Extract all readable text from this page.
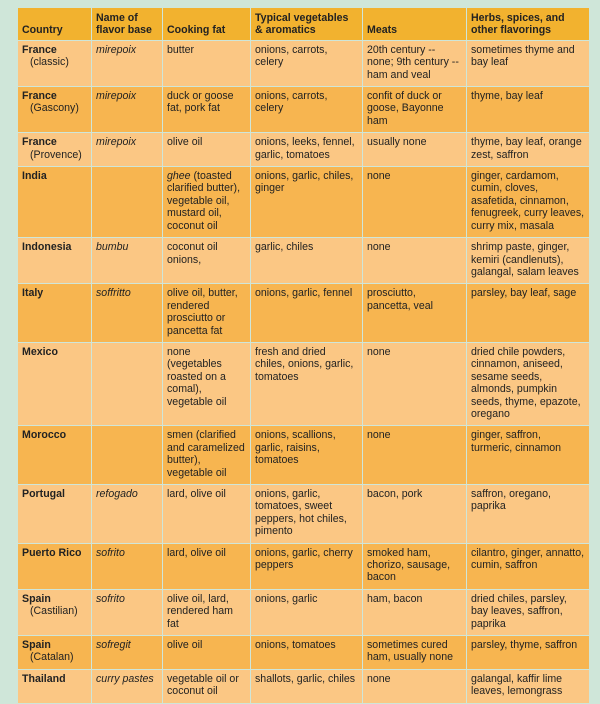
Country	Name of flavor base	Cooking fat	Typical vegetables & aromatics	Meats	Herbs, spices, and other flavorings
France
(classic)	mirepoix	butter	onions, carrots, celery	20th century -- none; 9th century -- ham and veal	sometimes thyme and bay leaf
France
(Gascony)	mirepoix	duck or goose fat, pork fat	onions, carrots, celery	confit of duck or goose, Bayonne ham	thyme, bay leaf
France
(Provence)	mirepoix	olive oil	onions, leeks, fennel, garlic, tomatoes	usually none	thyme, bay leaf, orange zest, saffron
India		ghee (toasted clarified butter), vegetable oil, mustard oil, coconut oil	onions, garlic, chiles, ginger	none	ginger, cardamom, cumin, cloves, asafetida, cinnamon, fenugreek, curry leaves, curry mix, masala
Indonesia	bumbu	coconut oil onions,	garlic, chiles	none	shrimp paste, ginger, kemiri (candlenuts), galangal, salam leaves
Italy	soffritto	olive oil, butter, rendered prosciutto or pancetta fat	onions, garlic, fennel	prosciutto, pancetta, veal	parsley, bay leaf, sage
Mexico		none (vegetables roasted on a comal), vegetable oil	fresh and dried chiles, onions, garlic, tomatoes	none	dried chile powders, cinnamon, aniseed, sesame seeds, almonds, pumpkin seeds, thyme, epazote, oregano
Morocco		smen (clarified and caramelized butter), vegetable oil	onions, scallions, garlic, raisins, tomatoes	none	ginger, saffron, turmeric, cinnamon
Portugal	refogado	lard, olive oil	onions, garlic, tomatoes, sweet peppers, hot chiles, pimento	bacon, pork	saffron, oregano, paprika
Puerto Rico	sofrito	lard, olive oil	onions, garlic, cherry peppers	smoked ham, chorizo, sausage, bacon	cilantro, ginger, annatto, cumin, saffron
Spain
(Castilian)	sofrito	olive oil, lard, rendered ham fat	onions, garlic	ham, bacon	dried chiles, parsley, bay leaves, saffron, paprika
Spain
(Catalan)	sofregit	olive oil	onions, tomatoes	sometimes cured ham, usually none	parsley, thyme, saffron
Thailand	curry pastes	vegetable oil or coconut oil	shallots, garlic, chiles	none	galangal, kaffir lime leaves, lemongrass
